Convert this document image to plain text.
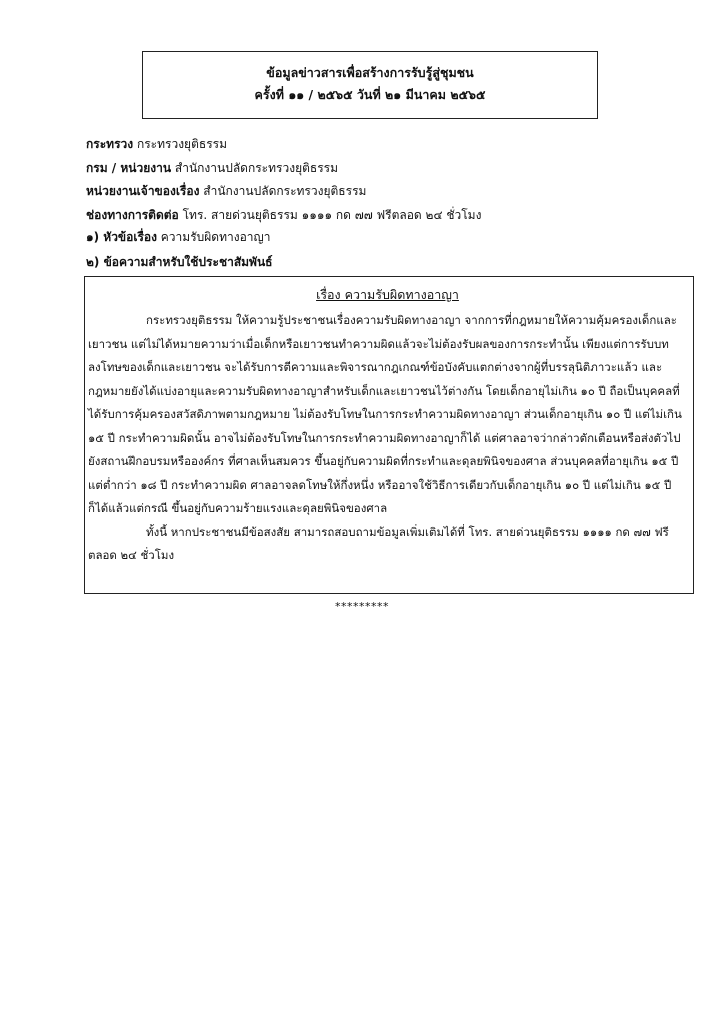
ข้อมูลข่าวสารเพื่อสร้างการรับรู้สู่ชุมชน
ครั้งที่ ๑๑ / ๒๕๖๕ วันที่ ๒๑ มีนาคม ๒๕๖๕
กระทรวง กระทรวงยุติธรรม
กรม / หน่วยงาน สำนักงานปลัดกระทรวงยุติธรรม
หน่วยงานเจ้าของเรื่อง สำนักงานปลัดกระทรวงยุติธรรม
ช่องทางการติดต่อ โทร. สายด่วนยุติธรรม ๑๑๑๑ กด ๗๗ ฟรีตลอด ๒๔ ชั่วโมง
๑) หัวข้อเรื่อง ความรับผิดทางอาญา
๒) ข้อความสำหรับใช้ประชาสัมพันธ์
เรื่อง ความรับผิดทางอาญา

กระทรวงยุติธรรม ให้ความรู้ประชาชนเรื่องความรับผิดทางอาญา จากการที่กฎหมายให้ความคุ้มครองเด็กและเยาวชน แต่ไม่ได้หมายความว่าเมื่อเด็กหรือเยาวชนทำความผิดแล้วจะไม่ต้องรับผลของการกระทำนั้น เพียงแต่การรับบทลงโทษของเด็กและเยาวชน จะได้รับการตีความและพิจารณากฎเกณฑ์ข้อบังคับแตกต่างจากผู้ที่บรรลุนิติภาวะแล้ว และกฎหมายยังได้แบ่งอายุและความรับผิดทางอาญาสำหรับเด็กและเยาวชนไว้ต่างกัน โดยเด็กอายุไม่เกิน ๑๐ ปี ถือเป็นบุคคลที่ได้รับการคุ้มครองสวัสดิภาพตามกฎหมาย ไม่ต้องรับโทษในการกระทำความผิดทางอาญา ส่วนเด็กอายุเกิน ๑๐ ปี แต่ไม่เกิน ๑๕ ปี กระทำความผิดนั้น อาจไม่ต้องรับโทษในการกระทำความผิดทางอาญาก็ได้ แต่ศาลอาจว่ากล่าวตักเตือนหรือส่งตัวไปยังสถานฝึกอบรมหรือองค์กร ที่ศาลเห็นสมควร ขึ้นอยู่กับความผิดที่กระทำและดุลยพินิจของศาล ส่วนบุคคลที่อายุเกิน ๑๕ ปี แต่ต่ำกว่า ๑๘ ปี กระทำความผิด ศาลอาจลดโทษให้กึ่งหนึ่ง หรืออาจใช้วิธีการเดียวกับเด็กอายุเกิน ๑๐ ปี แต่ไม่เกิน ๑๕ ปี ก็ได้แล้วแต่กรณี ขึ้นอยู่กับความร้ายแรงและดุลยพินิจของศาล

ทั้งนี้ หากประชาชนมีข้อสงสัย สามารถสอบถามข้อมูลเพิ่มเติมได้ที่ โทร. สายด่วนยุติธรรม ๑๑๑๑ กด ๗๗ ฟรีตลอด ๒๔ ชั่วโมง

*********
